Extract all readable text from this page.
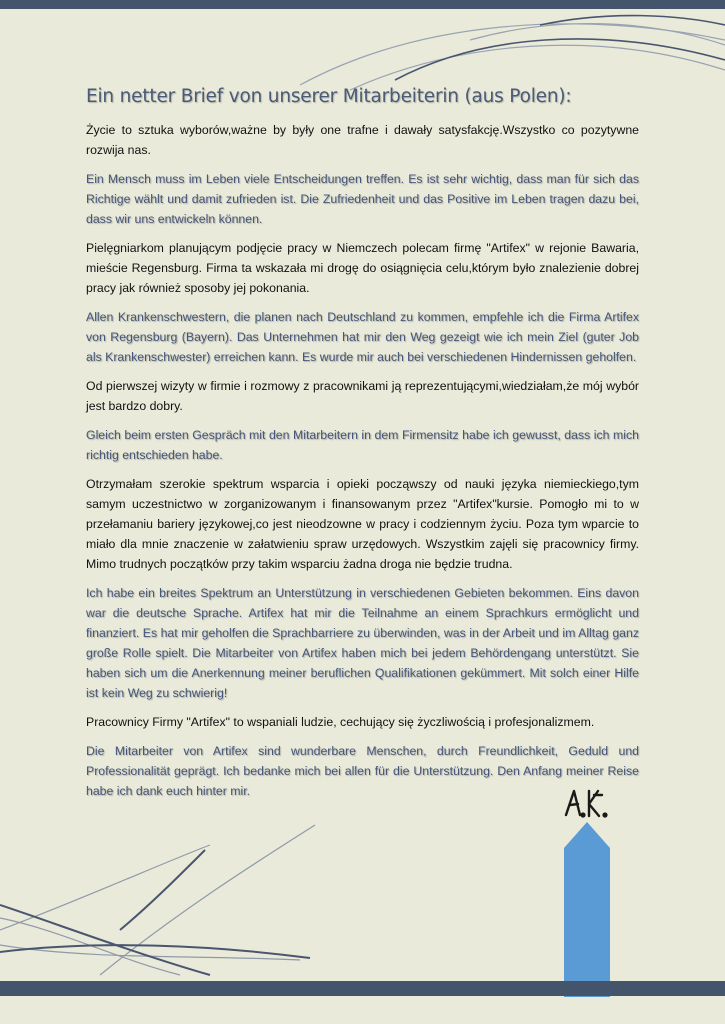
Ein netter Brief von unserer Mitarbeiterin (aus Polen):

Życie to sztuka wyborów,ważne by były one trafne i dawały satysfakcję.Wszystko co pozytywne rozwija nas.

Ein Mensch muss im Leben viele Entscheidungen treffen. Es ist sehr wichtig, dass man für sich das Richtige wählt und damit zufrieden ist. Die Zufriedenheit und das Positive im Leben tragen dazu bei, dass wir uns entwickeln können.

Pielęgniarkom planującym podjęcie pracy w Niemczech polecam firmę "Artifex" w rejonie Bawaria, mieście Regensburg. Firma ta wskazała mi drogę do osiągnięcia celu,którym było znalezienie dobrej pracy jak również sposoby jej pokonania.

Allen Krankenschwestern, die planen nach Deutschland zu kommen, empfehle ich die Firma Artifex von Regensburg (Bayern). Das Unternehmen hat mir den Weg gezeigt wie ich mein Ziel (guter Job als Krankenschwester) erreichen kann. Es wurde mir auch bei verschiedenen Hindernissen geholfen.

Od pierwszej wizyty w firmie i rozmowy z pracownikami ją reprezentującymi,wiedziałam,że mój wybór jest bardzo dobry.

Gleich beim ersten Gespräch mit den Mitarbeitern in dem Firmensitz habe ich gewusst, dass ich mich richtig entschieden habe.

Otrzymałam szerokie spektrum wsparcia i opieki począwszy od nauki języka niemieckiego,tym samym uczestnictwo w zorganizowanym i finansowanym przez "Artifex"kursie. Pomogło mi to w przełamaniu bariery językowej,co jest nieodzowne w pracy i codziennym życiu. Poza tym wparcie to miało dla mnie znaczenie w załatwieniu spraw urzędowych. Wszystkim zajęli się pracownicy firmy. Mimo trudnych początków przy takim wsparciu żadna droga nie będzie trudna.

Ich habe ein breites Spektrum an Unterstützung in verschiedenen Gebieten bekommen. Eins davon war die deutsche Sprache. Artifex hat mir die Teilnahme an einem Sprachkurs ermöglicht und finanziert. Es hat mir geholfen die Sprachbarriere zu überwinden, was in der Arbeit und im Alltag ganz große Rolle spielt. Die Mitarbeiter von Artifex haben mich bei jedem Behördengang unterstützt. Sie haben sich um die Anerkennung meiner beruflichen Qualifikationen gekümmert. Mit solch einer Hilfe ist kein Weg zu schwierig!

Pracownicy Firmy "Artifex" to wspaniali ludzie, cechujący się życzliwością i profesjonalizmem.

Die Mitarbeiter von Artifex sind wunderbare Menschen, durch Freundlichkeit, Geduld und Professionalität geprägt. Ich bedanke mich bei allen für die Unterstützung. Den Anfang meiner Reise habe ich dank euch hinter mir.
